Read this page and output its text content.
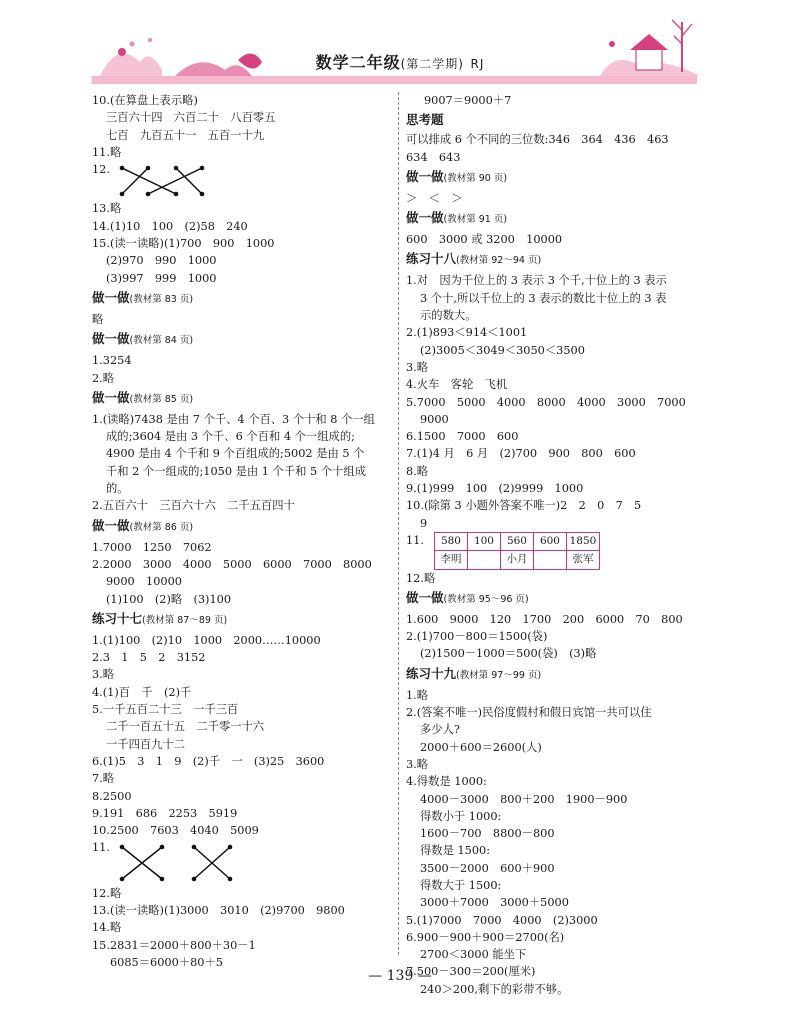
数学二年级(第二学期) RJ
10.(在算盘上表示略)
三百六十四　六百二十　八百零五
七百　九百五十一　五百一十九
11.略
12.
13.略
14.(1)10　100　(2)58　240
15.(读一读略)(1)700　900　1000
(2)970　990　1000
(3)997　999　1000
做一做(教材第 83 页)
略
做一做(教材第 84 页)
1.3254
2.略
做一做(教材第 85 页)
1.(读略)7438 是由 7 个千、4 个百、3 个十和 8 个一组
成的;3604 是由 3 个千、6 个百和 4 个一组成的;
4900 是由 4 个千和 9 个百组成的;5002 是由 5 个
千和 2 个一组成的;1050 是由 1 个千和 5 个十组成
的。
2.五百六十　三百六十六　二千五百四十
做一做(教材第 86 页)
1.7000　1250　7062
2.2000　3000　4000　5000　6000　7000　8000
9000　10000
(1)100　(2)略　(3)100
练习十七(教材第 87～89 页)
1.(1)100　(2)10　1000　2000……10000
2.3　1　5　2　3152
3.略
4.(1)百　千　(2)千
5.一千五百二十三　一千三百
二千一百五十五　二千零一十六
一千四百九十二
6.(1)5　3　1　9　(2)千　一　(3)25　3600
7.略
8.2500
9.191　686　2253　5919
10.2500　7603　4040　5009
11.
12.略
13.(读一读略)(1)3000　3010　(2)9700　9800
14.略
15.2831＝2000＋800＋30－1
6085＝6000＋80＋5
9007＝9000＋7
思考题
可以排成 6 个不同的三位数:346　364　436　463
634　643
做一做(教材第 90 页)
＞　＜　＞
做一做(教材第 91 页)
600　3000 或 3200　10000
练习十八(教材第 92～94 页)
1.对　因为千位上的 3 表示 3 个千,十位上的 3 表示
3 个十,所以千位上的 3 表示的数比十位上的 3 表
示的数大。
2.(1)893＜914＜1001
(2)3005＜3049＜3050＜3500
3.略
4.火车　客轮　飞机
5.7000　5000　4000　8000　4000　3000　7000
9000
6.1500　7000　600
7.(1)4 月　6 月　(2)700　900　800　600
8.略
9.(1)999　100　(2)9999　1000
10.(除第 3 小题外答案不唯一)2　2　0　7　5
9
11. 580	100	560	600	1850
李明		小月		张军
12.略
做一做(教材第 95～96 页)
1.600　9000　120　1700　200　6000　70　800
2.(1)700－800＝1500(袋)
(2)1500－1000＝500(袋)　(3)略
练习十九(教材第 97～99 页)
1.略
2.(答案不唯一)民俗度假村和假日宾馆一共可以住
多少人?
2000＋600＝2600(人)
3.略
4.得数是 1000:
4000－3000　800＋200　1900－900
得数小于 1000:
1600－700　8800－800
得数是 1500:
3500－2000　600＋900
得数大于 1500:
3000＋7000　3000＋5000
5.(1)7000　7000　4000　(2)3000
6.900－900＋900＝2700(名)
2700＜3000 能坐下
7.500－300＝200(厘米)
240＞200,剩下的彩带不够。
— 139 —
